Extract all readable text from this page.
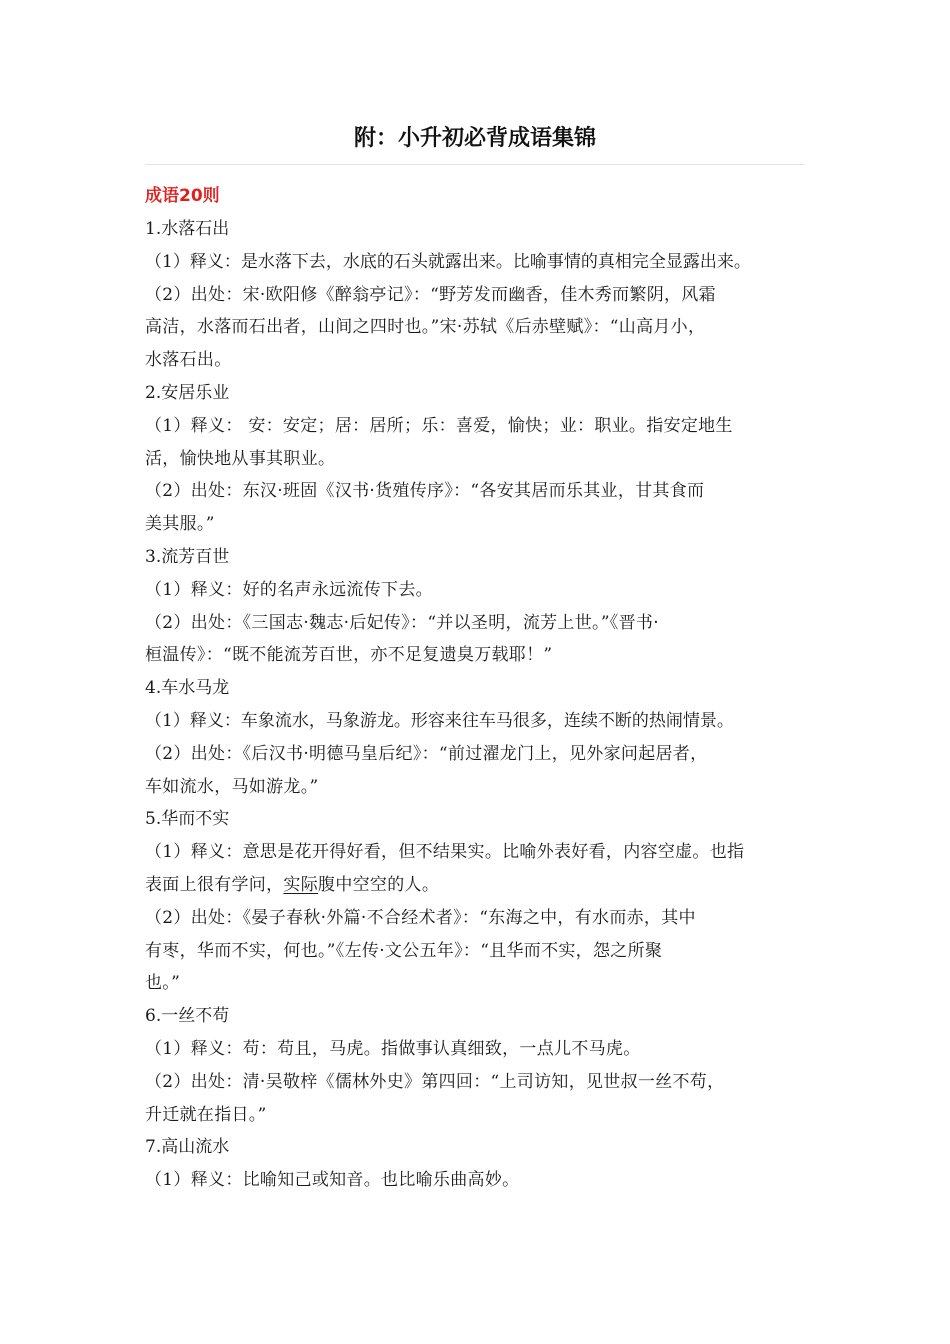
附：小升初必背成语集锦
成语20则
1.水落石出
（1）释义：是水落下去，水底的石头就露出来。比喻事情的真相完全显露出来。
（2）出处：宋·欧阳修《醉翁亭记》：“野芳发而幽香，佳木秀而繁阴，风霜
高洁，水落而石出者，山间之四时也。”宋·苏轼《后赤壁赋》：“山高月小，
水落石出。
2.安居乐业
（1）释义： 安：安定；居：居所；乐：喜爱，愉快；业：职业。指安定地生
活，愉快地从事其职业。
（2）出处：东汉·班固《汉书·货殖传序》：“各安其居而乐其业，甘其食而
美其服。”
3.流芳百世
（1）释义：好的名声永远流传下去。
（2）出处：《三国志·魏志·后妃传》：“并以圣明，流芳上世。”《晋书·
桓温传》：“既不能流芳百世，亦不足复遗臭万载耶！”
4.车水马龙
（1）释义：车象流水，马象游龙。形容来往车马很多，连续不断的热闹情景。
（2）出处：《后汉书·明德马皇后纪》：“前过濯龙门上，见外家问起居者，
车如流水，马如游龙。”
5.华而不实
（1）释义：意思是花开得好看，但不结果实。比喻外表好看，内容空虚。也指
表面上很有学问，实际腹中空空的人。
（2）出处：《晏子春秋·外篇·不合经术者》：“东海之中，有水而赤，其中
有枣，华而不实，何也。”《左传·文公五年》：“且华而不实，怨之所聚
也。”
6.一丝不苟
（1）释义：苟：苟且，马虎。指做事认真细致，一点儿不马虎。
（2）出处：清·吴敬梓《儒林外史》第四回：“上司访知，见世叔一丝不苟，
升迁就在指日。”
7.高山流水
（1）释义：比喻知己或知音。也比喻乐曲高妙。
